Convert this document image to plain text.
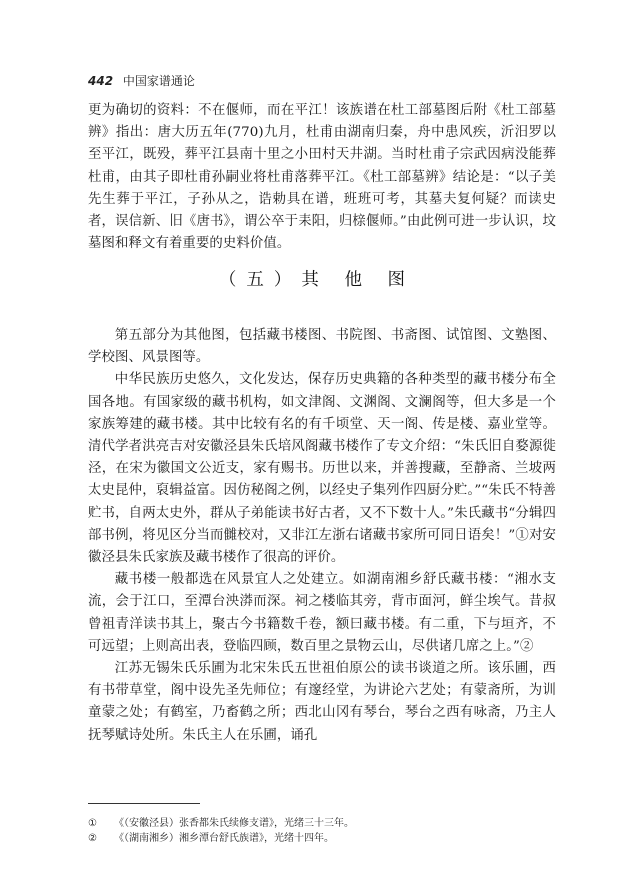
442 中国家谱通论

更为确切的资料：不在偃师，而在平江！该族谱在杜工部墓图后附《杜工部墓辨》指出：唐大历五年(770)九月，杜甫由湖南归秦，舟中患风疾，沂汨罗以至平江，既殁，葬平江县南十里之小田村天井湖。当时杜甫子宗武因病没能葬杜甫，由其子即杜甫孙嗣业将杜甫落葬平江。《杜工部墓辨》结论是：“以子美先生葬于平江，子孙从之，诰勅具在谱，班班可考，其墓夫复何疑？而读史者，误信新、旧《唐书》，谓公卒于耒阳，归榇偃师。”由此例可进一步认识，坟墓图和释文有着重要的史料价值。

（五）其 他 图

第五部分为其他图，包括藏书楼图、书院图、书斋图、试馆图、文塾图、学校图、风景图等。

中华民族历史悠久，文化发达，保存历史典籍的各种类型的藏书楼分布全国各地。有国家级的藏书机构，如文津阁、文渊阁、文澜阁等，但大多是一个家族筹建的藏书楼。其中比较有名的有千顷堂、天一阁、传是楼、嘉业堂等。清代学者洪亮吉对安徽泾县朱氏培风阁藏书楼作了专文介绍：“朱氏旧自婺源徙泾，在宋为徽国文公近支，家有赐书。历世以来，并善搜藏，至静斋、兰坡两太史昆仲，裒辑益富。因仿秘阁之例，以经史子集列作四厨分贮。”“朱氏不特善贮书，自两太史外，群从子弟能读书好古者，又不下数十人。”朱氏藏书“分辑四部书例，将见区分当而雠校对，又非江左浙右诸藏书家所可同日语矣！”①对安徽泾县朱氏家族及藏书楼作了很高的评价。

藏书楼一般都选在风景宜人之处建立。如湖南湘乡舒氏藏书楼：“湘水支流，会于江口，至潭台泱漭而深。祠之楼临其旁，背市面河，鲜尘埃气。昔叔曾祖青洋读书其上，聚古今书籍数千卷，额曰藏书楼。有二重，下与垣齐，不可远望；上则高出表，登临四顾，数百里之景物云山，尽供诸几席之上。”②

江苏无锡朱氏乐圃为北宋朱氏五世祖伯原公的读书谈道之所。该乐圃，西有书带草堂，阁中设先圣先师位；有邃经堂，为讲论六艺处；有蒙斋所，为训童蒙之处；有鹤室，乃畜鹤之所；西北山冈有琴台，琴台之西有咏斋，乃主人抚琴赋诗处所。朱氏主人在乐圃，诵孔

① 《（安徽泾县）张香都朱氏续修支谱》，光绪三十三年。

② 《（湖南湘乡）湘乡潭台舒氏族谱》，光绪十四年。
